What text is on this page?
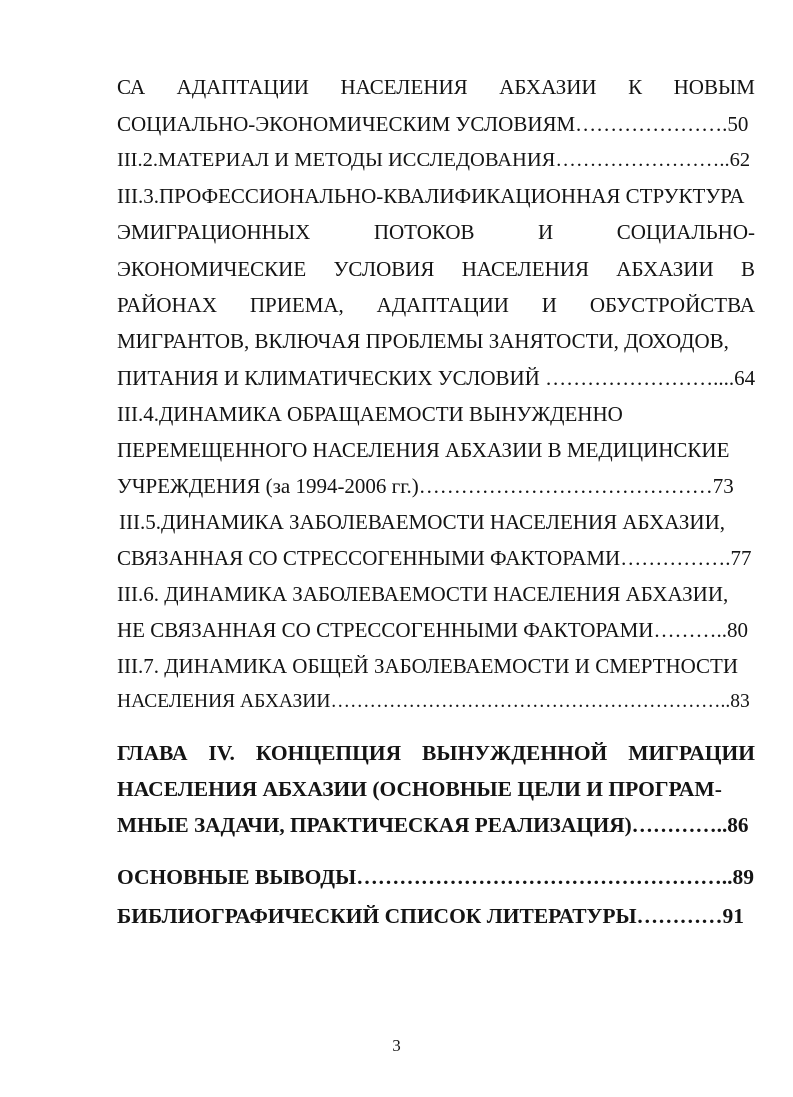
СА АДАПТАЦИИ НАСЕЛЕНИЯ АБХАЗИИ К НОВЫМ
СОЦИАЛЬНО-ЭКОНОМИЧЕСКИМ УСЛОВИЯМ………………….50
III.2.МАТЕРИАЛ И МЕТОДЫ ИССЛЕДОВАНИЯ……………………..62
III.3.ПРОФЕССИОНАЛЬНО-КВАЛИФИКАЦИОННАЯ СТРУКТУРА
ЭМИГРАЦИОННЫХ	ПОТОКОВ	И	СОЦИАЛЬНО-
ЭКОНОМИЧЕСКИЕ УСЛОВИЯ НАСЕЛЕНИЯ АБХАЗИИ В
РАЙОНАХ ПРИЕМА, АДАПТАЦИИ И ОБУСТРОЙСТВА
МИГРАНТОВ, ВКЛЮЧАЯ ПРОБЛЕМЫ ЗАНЯТОСТИ, ДОХОДОВ,
ПИТАНИЯ И КЛИМАТИЧЕСКИХ УСЛОВИЙ ……………………....64
III.4.ДИНАМИКА ОБРАЩАЕМОСТИ ВЫНУЖДЕННО
ПЕРЕМЕЩЕННОГО НАСЕЛЕНИЯ АБХАЗИИ В МЕДИЦИНСКИЕ
УЧРЕЖДЕНИЯ (за 1994-2006 гг.)……………………………………73
III.5.ДИНАМИКА ЗАБОЛЕВАЕМОСТИ НАСЕЛЕНИЯ АБХАЗИИ,
СВЯЗАННАЯ СО СТРЕССОГЕННЫМИ ФАКТОРАМИ…………….77
III.6. ДИНАМИКА ЗАБОЛЕВАЕМОСТИ НАСЕЛЕНИЯ АБХАЗИИ,
НЕ СВЯЗАННАЯ СО СТРЕССОГЕННЫМИ ФАКТОРАМИ………..80
III.7. ДИНАМИКА ОБЩЕЙ ЗАБОЛЕВАЕМОСТИ И СМЕРТНОСТИ
НАСЕЛЕНИЯ АБХАЗИИ……………………………………………………..83
ГЛАВА IV. КОНЦЕПЦИЯ ВЫНУЖДЕННОЙ МИГРАЦИИ
НАСЕЛЕНИЯ АБХАЗИИ (ОСНОВНЫЕ ЦЕЛИ И ПРОГРАМ-
МНЫЕ ЗАДАЧИ, ПРАКТИЧЕСКАЯ РЕАЛИЗАЦИЯ)…………..86
ОСНОВНЫЕ ВЫВОДЫ……………………………………………..89
БИБЛИОГРАФИЧЕСКИЙ СПИСОК ЛИТЕРАТУРЫ…………91
3
